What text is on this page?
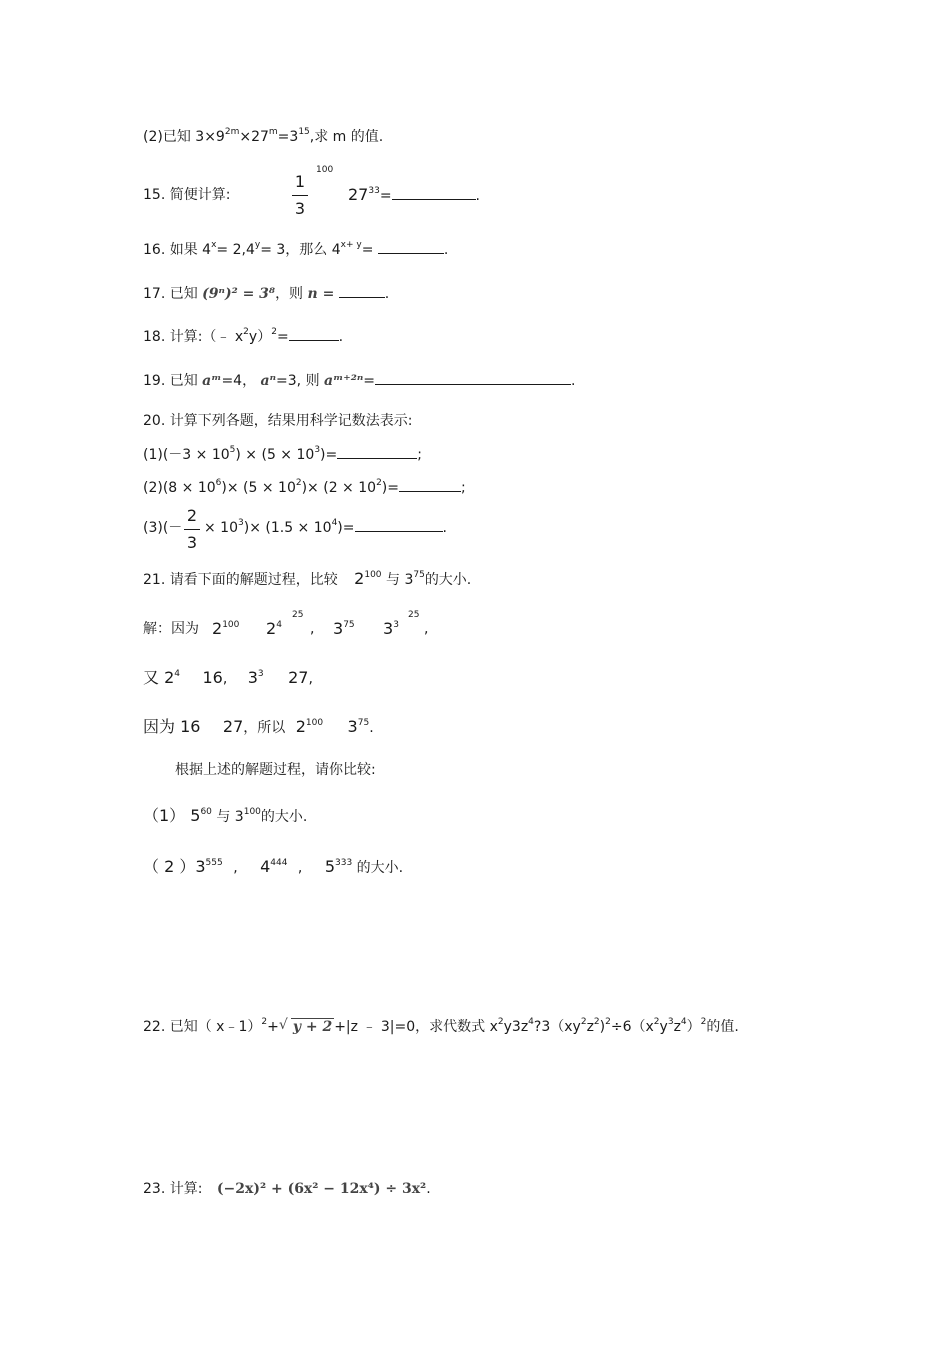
(2)已知 $3\times 9^{2m}\times 27^m=3^{15}$,求 m 的值.
15. 简便计算:
1
3
100
$27^{33}=$	.
16. 如果 $4^x= 2,4^y= 3$，那么 $4^{x+ y}=$	.
17. 已知 (9ⁿ)² = 3⁸，则 n =	.
18. 计算:（﹣ $x^2y)^2=$	.
19. 已知 aᵐ=4， aⁿ=3, 则 aᵐ⁺²ⁿ=	.
20. 计算下列各题，结果用科学记数法表示:
$(1)(-3 \times 10^5) \times (5 \times 10^3)=$	;
$(2)(8 \times 10^6)\times (5 \times 10^2)\times (2 \times 10^2)=$	;
(3)(－
2
3
× $10^3)\times (1.5 \times 10^4)=$	.
21. 请看下面的解题过程，比较 $2^{100}$ 与 $3^{75}$的大小.
解：因为 $2^{100}$ $2^4$
25
, $3^{75}$ $3^3$
25
,
又 $2^4$ 16, $3^3$ 27,
因为 16 27，所以 $2^{100}$ $3^{75}$.
根据上述的解题过程，请你比较:
（1） $5^{60}$ 与 $3^{100}$的大小.
（ 2 ）$3^{555}$ , $4^{444}$ , $5^{333}$ 的大小.
22. 已知（ x﹣1）$^2$+√ y + 2 +|z ﹣ 3|=0，求代数式 $x^2y3z^4?3(xy^2z^2)^2\div 6(x^2y^3z^4)^2$的值.
23. 计算: (−2x)² + (6x² − 12x⁴) ÷ 3x².
